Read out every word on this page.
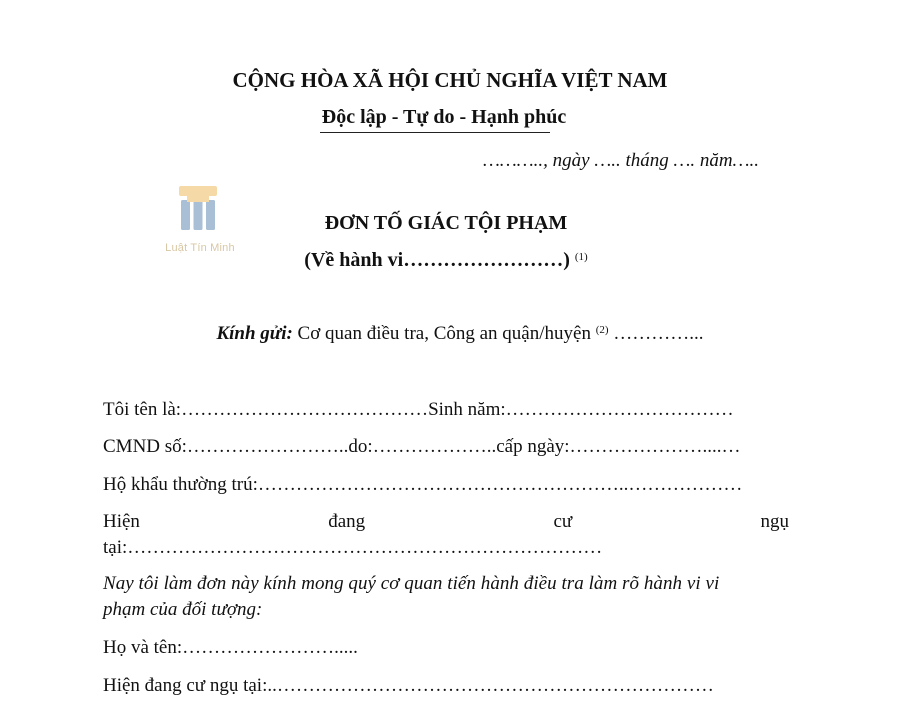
CỘNG HÒA XÃ HỘI CHỦ NGHĨA VIỆT NAM
Độc lập - Tự do - Hạnh phúc
……….., ngày ….. tháng …. năm…..
Luật Tín Minh
ĐƠN TỐ GIÁC TỘI PHẠM
(Về hành vi……………………) $^{(1)}$
Kính gửi: Cơ quan điều tra, Công an quận/huyện $^{(2)}$ …………...
Tôi tên là:…………………………………Sinh năm:………………………………
CMND số:……………………..do:………………..cấp ngày:…………………....…
Hộ khẩu thường trú:…………………………………………………..………………
Hiện	đang	cư	ngụ
tại:…………………………………………………………………
Nay tôi làm đơn này kính mong quý cơ quan tiến hành điều tra làm rõ hành vi vi
phạm của đối tượng:
Họ và tên:…………………….....
Hiện đang cư ngụ tại:..……………………………………………………………
